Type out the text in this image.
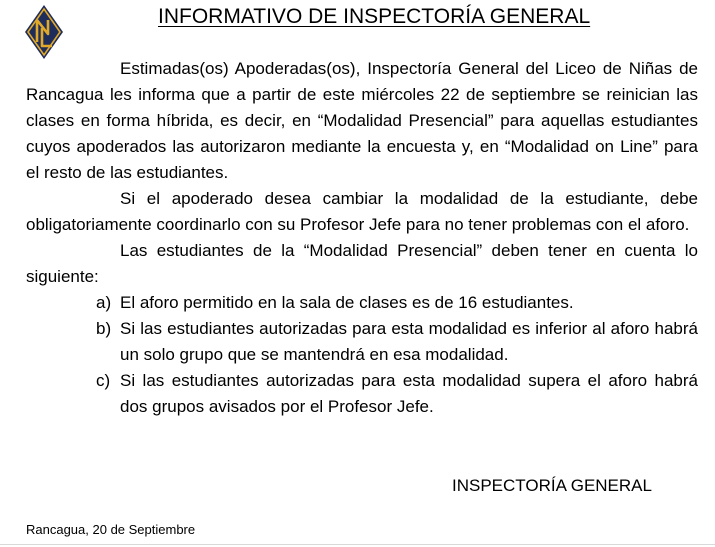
INFORMATIVO DE INSPECTORÍA GENERAL

Estimadas(os) Apoderadas(os), Inspectoría General del Liceo de Niñas de Rancagua les informa que a partir de este miércoles 22 de septiembre se reinician las clases en forma híbrida, es decir, en “Modalidad Presencial” para aquellas estudiantes cuyos apoderados las autorizaron mediante la encuesta y, en “Modalidad on Line” para el resto de las estudiantes.

Si el apoderado desea cambiar la modalidad de la estudiante, debe obligatoriamente coordinarlo con su Profesor Jefe para no tener problemas con el aforo.

Las estudiantes de la “Modalidad Presencial” deben tener en cuenta lo siguiente:

a) El aforo permitido en la sala de clases es de 16 estudiantes.
b) Si las estudiantes autorizadas para esta modalidad es inferior al aforo habrá un solo grupo que se mantendrá en esa modalidad.
c) Si las estudiantes autorizadas para esta modalidad supera el aforo habrá dos grupos avisados por el Profesor Jefe.
INSPECTORÍA GENERAL
Rancagua, 20 de Septiembre
